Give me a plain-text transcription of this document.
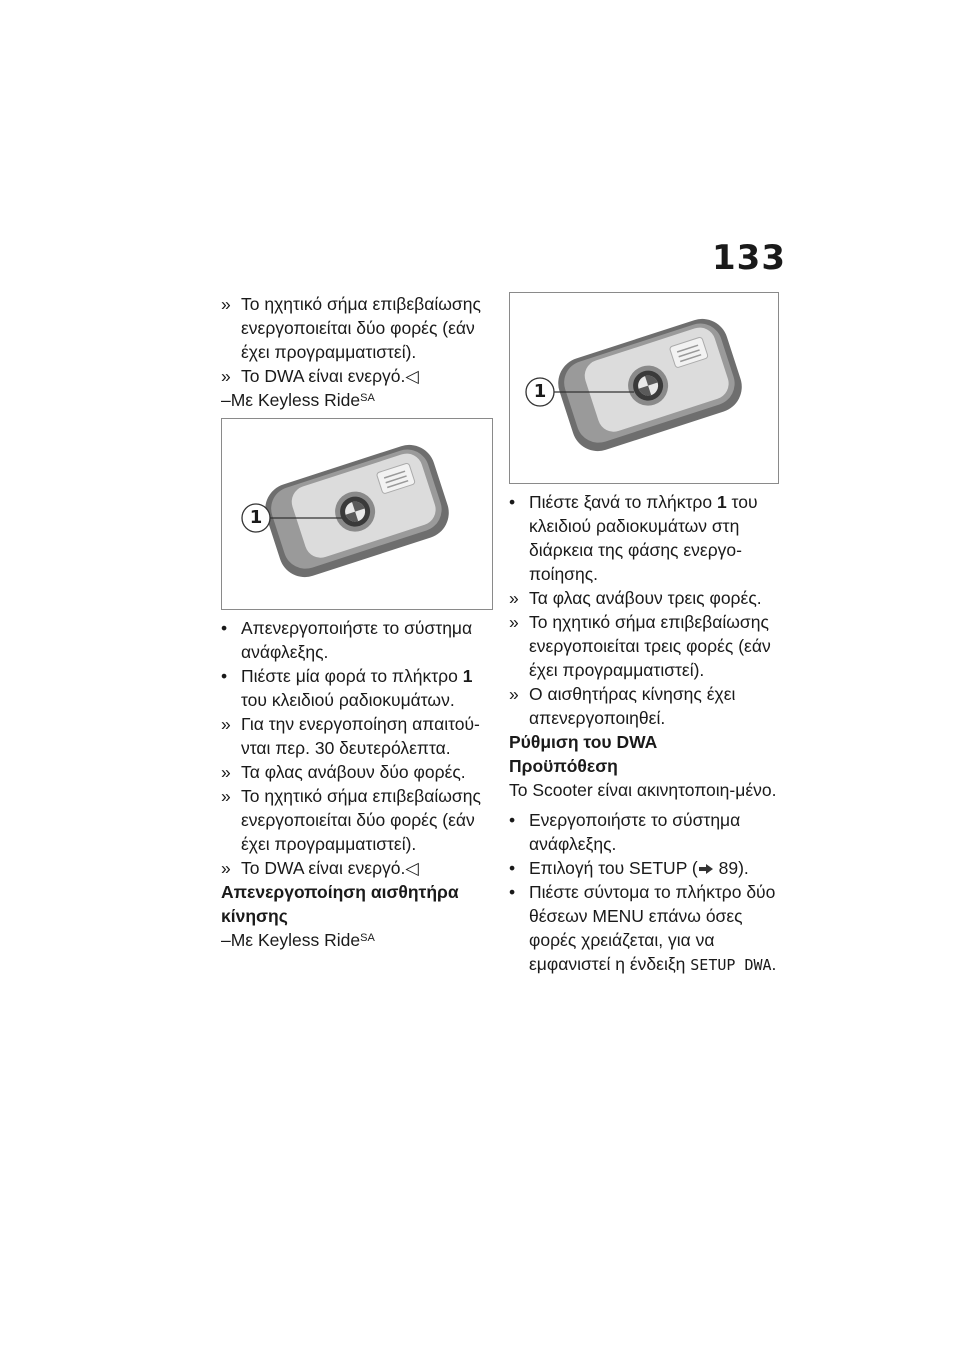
133

» Το ηχητικό σήμα επιβεβαίωσης ενεργοποιείται δύο φορές (εάν έχει προγραμματιστεί).

» Το DWA είναι ενεργό.◁

–Με Keyless Ride$^{SA}$

1

• Απενεργοποιήστε το σύστημα ανάφλεξης.

• Πιέστε μία φορά το πλήκτρο 1 του κλειδιού ραδιοκυμάτων.

» Για την ενεργοποίηση απαιτού-νται περ. 30 δευτερόλεπτα.

» Τα φλας ανάβουν δύο φορές.

» Το ηχητικό σήμα επιβεβαίωσης ενεργοποιείται δύο φορές (εάν έχει προγραμματιστεί).

» Το DWA είναι ενεργό.◁

Απενεργοποίηση αισθητήρα κίνησης

–Με Keyless Ride$^{SA}$

1

• Πιέστε ξανά το πλήκτρο 1 του κλειδιού ραδιοκυμάτων στη διάρκεια της φάσης ενεργο-ποίησης.

» Τα φλας ανάβουν τρεις φορές.

» Το ηχητικό σήμα επιβεβαίωσης ενεργοποιείται τρεις φορές (εάν έχει προγραμματιστεί).

» Ο αισθητήρας κίνησης έχει απενεργοποιηθεί.

Ρύθμιση του DWA

Προϋπόθεση

Το Scooter είναι ακινητοποιη-μένο.

• Ενεργοποιήστε το σύστημα ανάφλεξης.

• Επιλογή του SETUP ( 89).

• Πιέστε σύντομα το πλήκτρο δύο θέσεων MENU επάνω όσες φορές χρειάζεται, για να εμφανιστεί η ένδειξη SETUP DWA.
